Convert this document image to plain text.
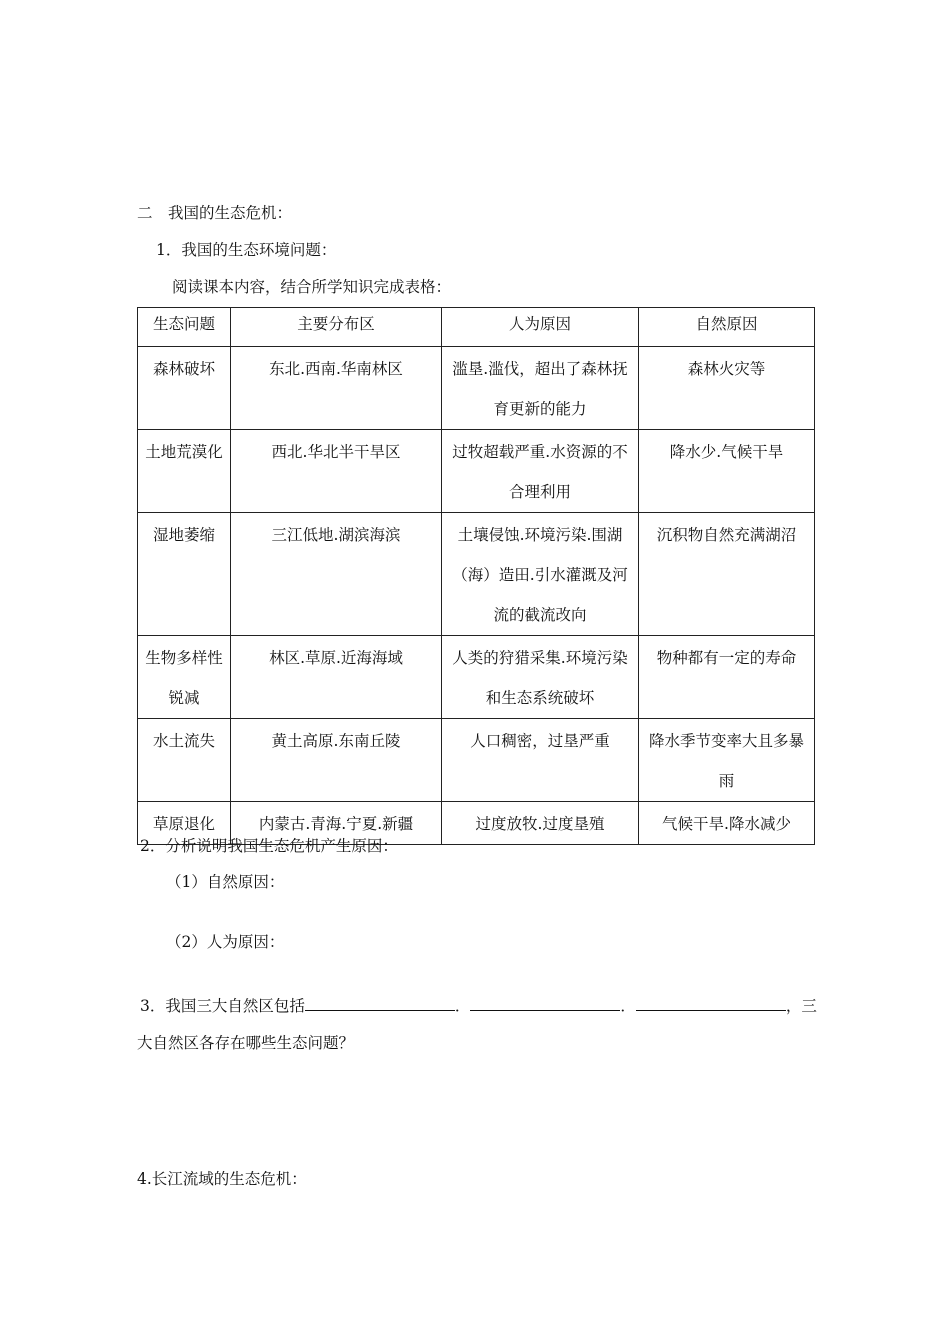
二　我国的生态危机：
1．我国的生态环境问题：
阅读课本内容，结合所学知识完成表格：
生态问题	主要分布区	人为原因	自然原因
森林破坏	东北.西南.华南林区	滥垦.滥伐，超出了森林抚育更新的能力	森林火灾等
土地荒漠化	西北.华北半干旱区	过牧超载严重.水资源的不合理利用	降水少.气候干旱
湿地萎缩	三江低地.湖滨海滨	土壤侵蚀.环境污染.围湖（海）造田.引水灌溉及河流的截流改向	沉积物自然充满湖沼
生物多样性锐减	林区.草原.近海海域	人类的狩猎采集.环境污染和生态系统破坏	物种都有一定的寿命
水土流失	黄土高原.东南丘陵	人口稠密，过垦严重	降水季节变率大且多暴雨
草原退化	内蒙古.青海.宁夏.新疆	过度放牧.过度垦殖	气候干旱.降水减少
2．分析说明我国生态危机产生原因：
（1）自然原因：
（2）人为原因：
3．我国三大自然区包括	．	．	，三
大自然区各存在哪些生态问题？
4.长江流域的生态危机：
